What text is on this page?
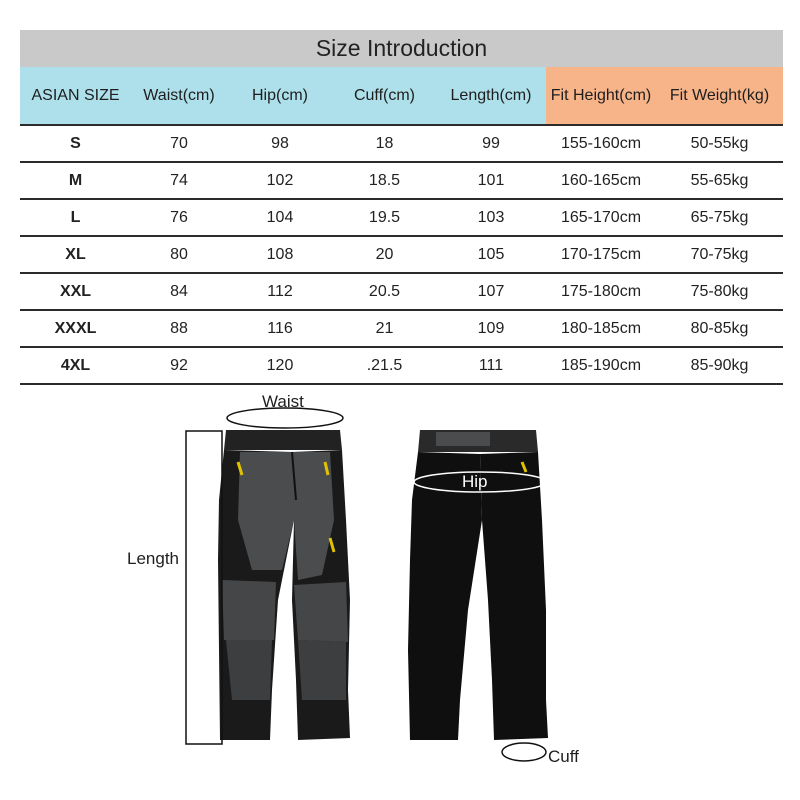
Size Introduction
ASIAN SIZE	Waist(cm)	Hip(cm)	Cuff(cm)	Length(cm)	Fit Height(cm)	Fit Weight(kg)
S	70	98	18	99	155-160cm	50-55kg
M	74	102	18.5	101	160-165cm	55-65kg
L	76	104	19.5	103	165-170cm	65-75kg
XL	80	108	20	105	170-175cm	70-75kg
XXL	84	112	20.5	107	175-180cm	75-80kg
XXXL	88	116	21	109	180-185cm	80-85kg
4XL	92	120	.21.5	111	185-190cm	85-90kg
Waist
Hip
Length
Cuff
